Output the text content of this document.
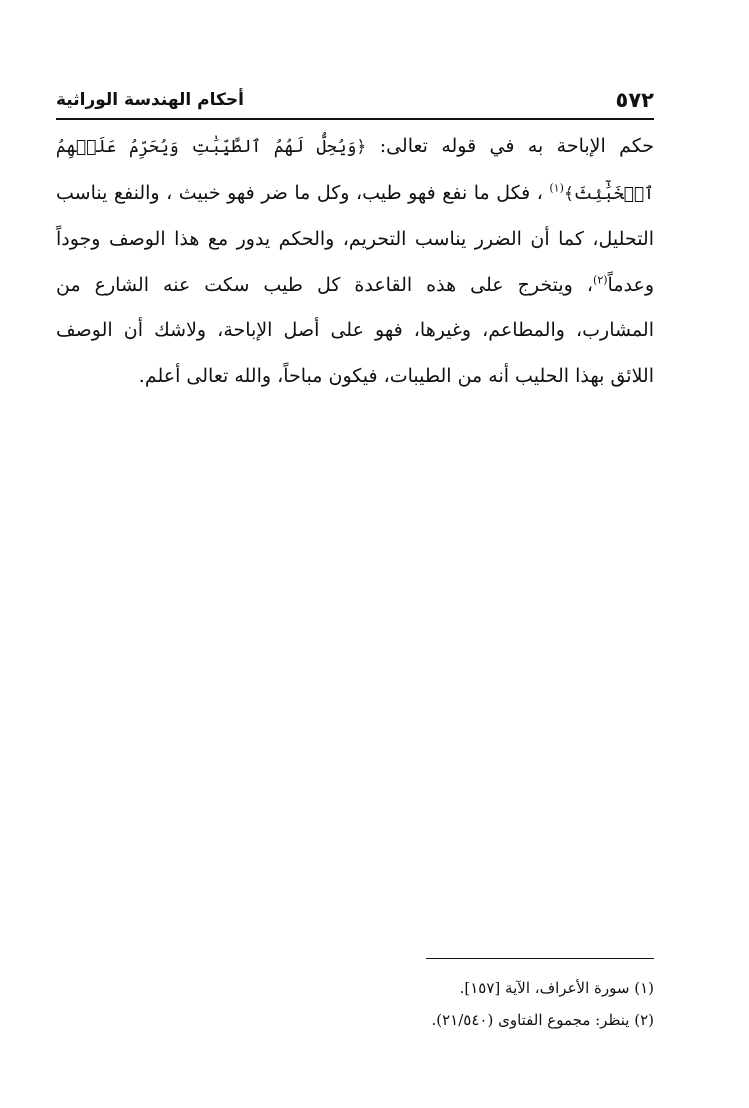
٥٧٢
أحكام الهندسة الوراثية

حكم الإباحة به في قوله تعالى: ﴿وَيُحِلُّ لَهُمُ ٱلطَّيِّبَٰتِ وَيُحَرِّمُ عَلَيۡهِمُ ٱلۡخَبَٰٓئِثَ﴾$^{(١)}$ ، فكل ما نفع فهو طيب، وكل ما ضر فهو خبيث ، والنفع يناسب التحليل، كما أن الضرر يناسب التحريم، والحكم يدور مع هذا الوصف وجوداً وعدماً$^{(٢)}$، ويتخرج على هذه القاعدة كل طيب سكت عنه الشارع من المشارب، والمطاعم، وغيرها، فهو على أصل الإباحة، ولاشك أن الوصف اللائق بهذا الحليب أنه من الطيبات، فيكون مباحاً، والله تعالى أعلم.

(١) سورة الأعراف، الآية [١٥٧].

(٢) ينظر: مجموع الفتاوى (٢١/٥٤٠).
